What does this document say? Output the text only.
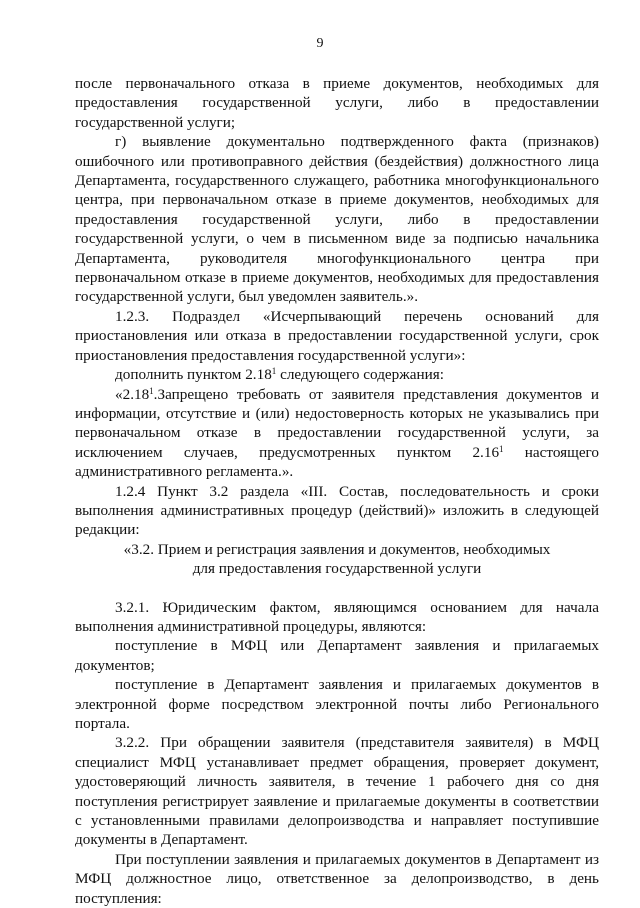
9

после первоначального отказа в приеме документов, необходимых для предоставления государственной услуги, либо в предоставлении государственной услуги;

г) выявление документально подтвержденного факта (признаков) ошибочного или противоправного действия (бездействия) должностного лица Департамента, государственного служащего, работника многофункционального центра, при первоначальном отказе в приеме документов, необходимых для предоставления государственной услуги, либо в предоставлении государственной услуги, о чем в письменном виде за подписью начальника Департамента, руководителя многофункционального центра при первоначальном отказе в приеме документов, необходимых для предоставления государственной услуги, был уведомлен заявитель.».

1.2.3. Подраздел «Исчерпывающий перечень оснований для приостановления или отказа в предоставлении государственной услуги, срок приостановления предоставления государственной услуги»:

дополнить пунктом 2.18$^1$ следующего содержания:

«2.18$^1$.Запрещено требовать от заявителя представления документов и информации, отсутствие и (или) недостоверность которых не указывались при первоначальном отказе в предоставлении государственной услуги, за исключением случаев, предусмотренных пунктом 2.16$^1$ настоящего административного регламента.».

1.2.4 Пункт 3.2 раздела «III. Состав, последовательность и сроки выполнения административных процедур (действий)» изложить в следующей редакции:

«3.2. Прием и регистрация заявления и документов, необходимых

для предоставления государственной услуги

3.2.1. Юридическим фактом, являющимся основанием для начала выполнения административной процедуры, являются:

поступление в МФЦ или Департамент заявления и прилагаемых документов;

поступление в Департамент заявления и прилагаемых документов в электронной форме посредством электронной почты либо Регионального портала.

3.2.2. При обращении заявителя (представителя заявителя) в МФЦ специалист МФЦ устанавливает предмет обращения, проверяет документ, удостоверяющий личность заявителя, в течение 1 рабочего дня со дня поступления регистрирует заявление и прилагаемые документы в соответствии с установленными правилами делопроизводства и направляет поступившие документы в Департамент.

При поступлении заявления и прилагаемых документов в Департамент из МФЦ должностное лицо, ответственное за делопроизводство, в день поступления:
